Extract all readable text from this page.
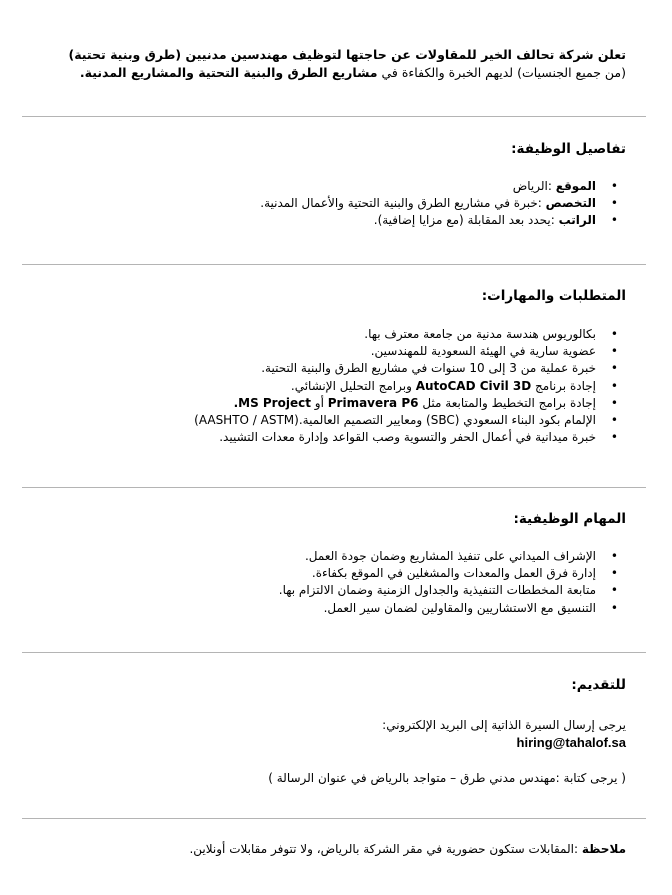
تعلن شركة تحالف الخير للمقاولات عن حاجتها لتوظيف مهندسين مدنيين (طرق وبنية تحتية)

(من جميع الجنسيات) لديهم الخبرة والكفاءة في مشاريع الطرق والبنية التحتية والمشاريع المدنية.

تفاصيل الوظيفة:
• الموقع :الرياض
• التخصص :خبرة في مشاريع الطرق والبنية التحتية والأعمال المدنية.
• الراتب :يحدد بعد المقابلة (مع مزايا إضافية).
المتطلبات والمهارات:
• بكالوريوس هندسة مدنية من جامعة معترف بها.
• عضوية سارية في الهيئة السعودية للمهندسين.
• خبرة عملية من 3 إلى 10 سنوات في مشاريع الطرق والبنية التحتية.
• إجادة برنامج AutoCAD Civil 3D وبرامج التحليل الإنشائي.
• إجادة برامج التخطيط والمتابعة مثل Primavera P6 أو .MS Project
• الإلمام بكود البناء السعودي (SBC) ومعايير التصميم العالمية.(AASHTO / ASTM)
• خبرة ميدانية في أعمال الحفر والتسوية وصب القواعد وإدارة معدات التشييد.
المهام الوظيفية:
• الإشراف الميداني على تنفيذ المشاريع وضمان جودة العمل.
• إدارة فرق العمل والمعدات والمشغلين في الموقع بكفاءة.
• متابعة المخططات التنفيذية والجداول الزمنية وضمان الالتزام بها.
• التنسيق مع الاستشاريين والمقاولين لضمان سير العمل.
للتقديم:

يرجى إرسال السيرة الذاتية إلى البريد الإلكتروني:

hiring@tahalof.sa

( يرجى كتابة :مهندس مدني طرق – متواجد بالرياض في عنوان الرسالة )

ملاحظة :المقابلات ستكون حضورية في مقر الشركة بالرياض، ولا تتوفر مقابلات أونلاين.
